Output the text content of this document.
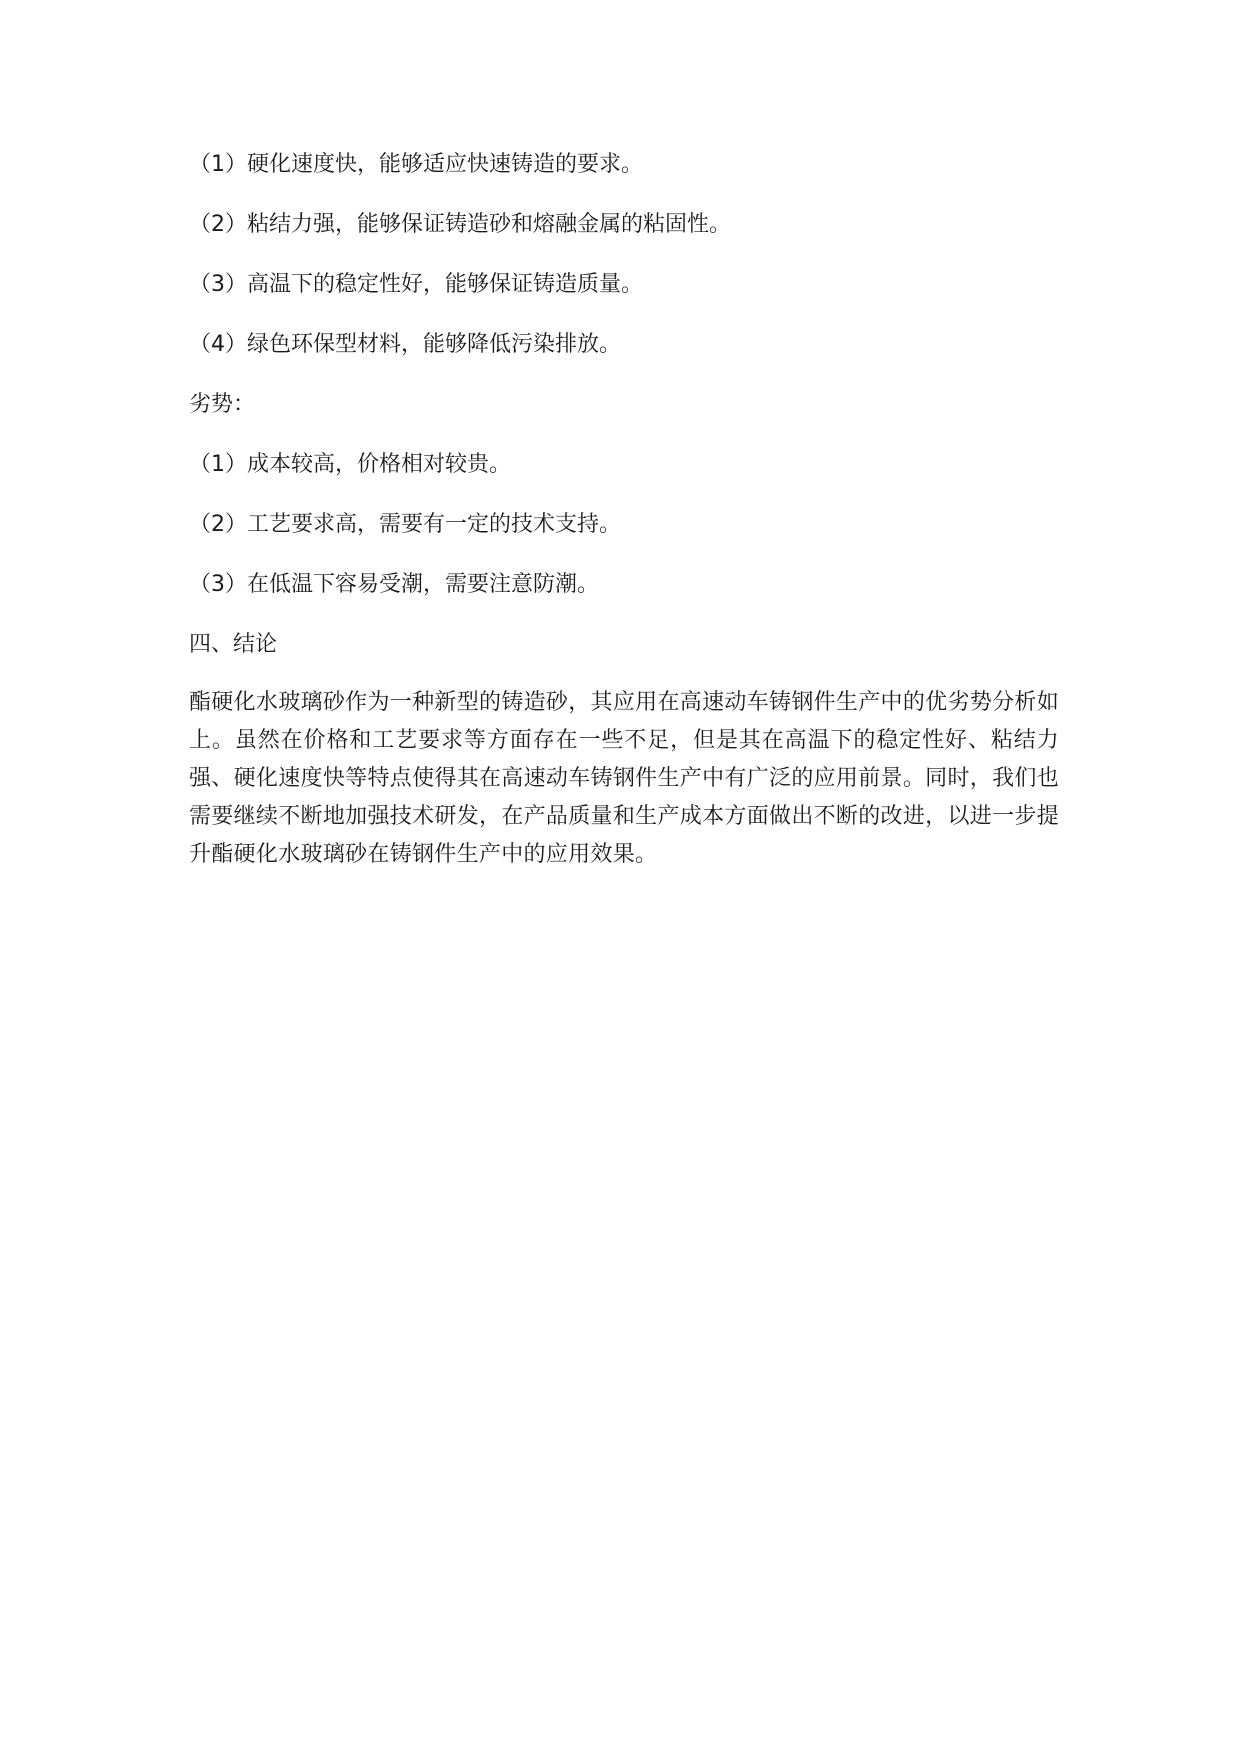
（1）硬化速度快，能够适应快速铸造的要求。

（2）粘结力强，能够保证铸造砂和熔融金属的粘固性。

（3）高温下的稳定性好，能够保证铸造质量。

（4）绿色环保型材料，能够降低污染排放。

劣势：

（1）成本较高，价格相对较贵。

（2）工艺要求高，需要有一定的技术支持。

（3）在低温下容易受潮，需要注意防潮。

四、结论

酯硬化水玻璃砂作为一种新型的铸造砂，其应用在高速动车铸钢件生产中的优劣势分析如上。虽然在价格和工艺要求等方面存在一些不足，但是其在高温下的稳定性好、粘结力强、硬化速度快等特点使得其在高速动车铸钢件生产中有广泛的应用前景。同时，我们也需要继续不断地加强技术研发，在产品质量和生产成本方面做出不断的改进，以进一步提升酯硬化水玻璃砂在铸钢件生产中的应用效果。
